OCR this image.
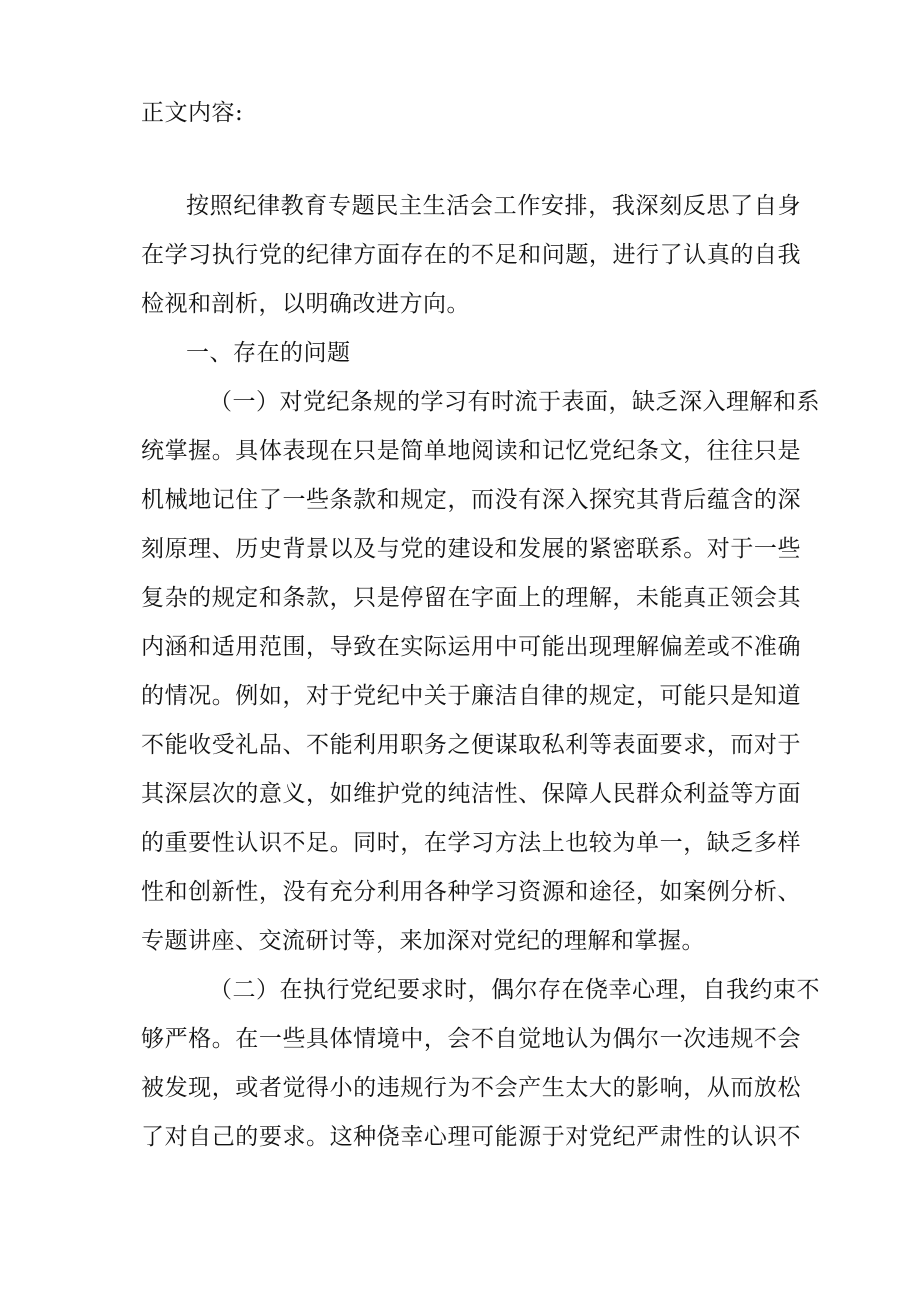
正文内容:
按照纪律教育专题民主生活会工作安排，我深刻反思了自身
在学习执行党的纪律方面存在的不足和问题，进行了认真的自我
检视和剖析，以明确改进方向。
一、存在的问题
（一）对党纪条规的学习有时流于表面，缺乏深入理解和系
统掌握。具体表现在只是简单地阅读和记忆党纪条文，往往只是
机械地记住了一些条款和规定，而没有深入探究其背后蕴含的深
刻原理、历史背景以及与党的建设和发展的紧密联系。对于一些
复杂的规定和条款，只是停留在字面上的理解，未能真正领会其
内涵和适用范围，导致在实际运用中可能出现理解偏差或不准确
的情况。例如，对于党纪中关于廉洁自律的规定，可能只是知道
不能收受礼品、不能利用职务之便谋取私利等表面要求，而对于
其深层次的意义，如维护党的纯洁性、保障人民群众利益等方面
的重要性认识不足。同时，在学习方法上也较为单一，缺乏多样
性和创新性，没有充分利用各种学习资源和途径，如案例分析、
专题讲座、交流研讨等，来加深对党纪的理解和掌握。
（二）在执行党纪要求时，偶尔存在侥幸心理，自我约束不
够严格。在一些具体情境中，会不自觉地认为偶尔一次违规不会
被发现，或者觉得小的违规行为不会产生太大的影响，从而放松
了对自己的要求。这种侥幸心理可能源于对党纪严肃性的认识不
